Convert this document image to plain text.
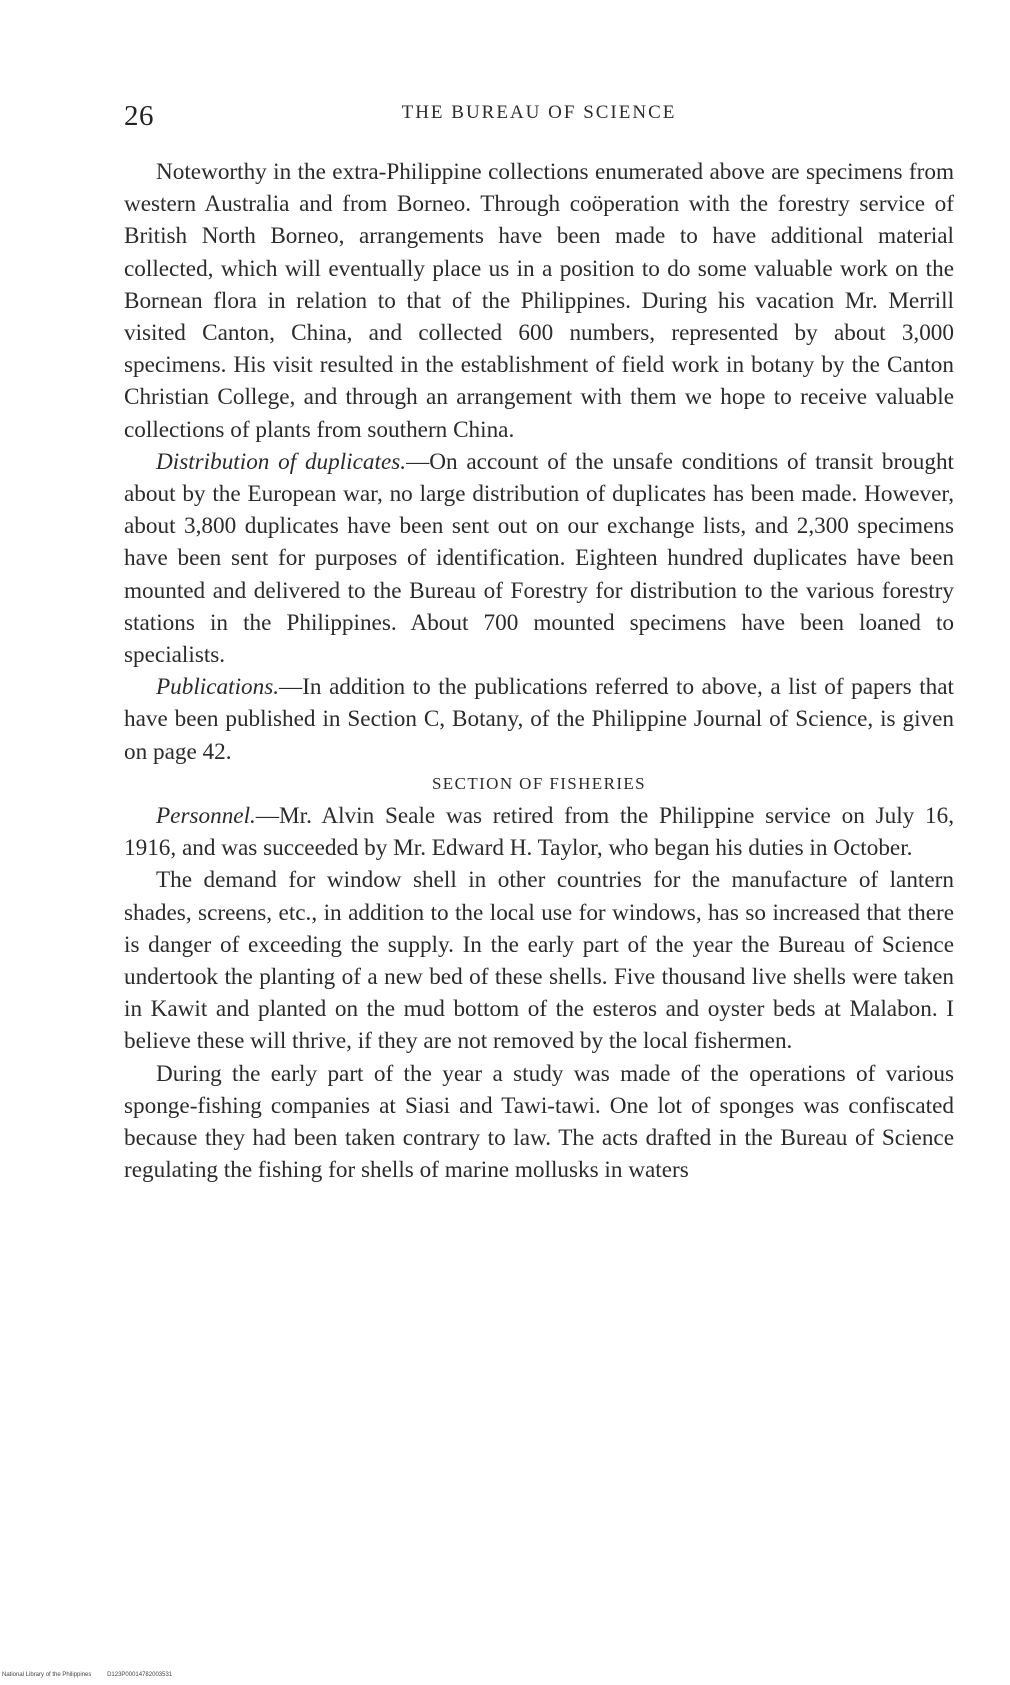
26	THE BUREAU OF SCIENCE

Noteworthy in the extra-Philippine collections enumerated above are specimens from western Australia and from Borneo. Through coöperation with the forestry service of British North Borneo, arrangements have been made to have additional material collected, which will eventually place us in a position to do some valuable work on the Bornean flora in relation to that of the Philippines. During his vacation Mr. Merrill visited Canton, China, and collected 600 numbers, represented by about 3,000 specimens. His visit resulted in the establishment of field work in botany by the Canton Christian College, and through an arrangement with them we hope to receive valuable collections of plants from southern China.

Distribution of duplicates.—On account of the unsafe conditions of transit brought about by the European war, no large distribution of duplicates has been made. However, about 3,800 duplicates have been sent out on our exchange lists, and 2,300 specimens have been sent for purposes of identification. Eighteen hundred duplicates have been mounted and delivered to the Bureau of Forestry for distribution to the various forestry stations in the Philippines. About 700 mounted specimens have been loaned to specialists.

Publications.—In addition to the publications referred to above, a list of papers that have been published in Section C, Botany, of the Philippine Journal of Science, is given on page 42.

SECTION OF FISHERIES

Personnel.—Mr. Alvin Seale was retired from the Philippine service on July 16, 1916, and was succeeded by Mr. Edward H. Taylor, who began his duties in October.

The demand for window shell in other countries for the manufacture of lantern shades, screens, etc., in addition to the local use for windows, has so increased that there is danger of exceeding the supply. In the early part of the year the Bureau of Science undertook the planting of a new bed of these shells. Five thousand live shells were taken in Kawit and planted on the mud bottom of the esteros and oyster beds at Malabon. I believe these will thrive, if they are not removed by the local fishermen.

During the early part of the year a study was made of the operations of various sponge-fishing companies at Siasi and Tawi-tawi. One lot of sponges was confiscated because they had been taken contrary to law. The acts drafted in the Bureau of Science regulating the fishing for shells of marine mollusks in waters

National Library of the Philippines	D123P00014782003531
